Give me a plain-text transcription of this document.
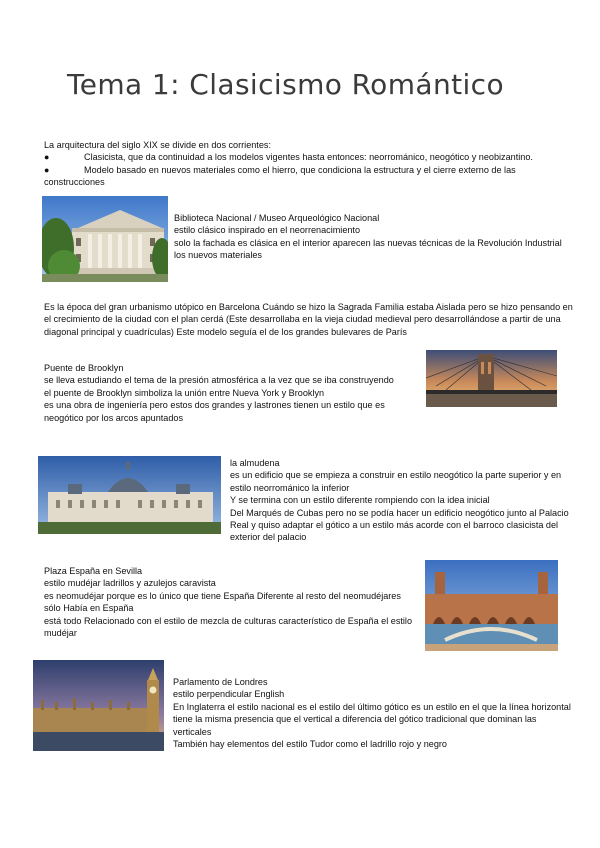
Tema 1: Clasicismo Romántico
La arquitectura del siglo XIX se divide en dos corrientes:
●	Clasicista, que da continuidad a los modelos vigentes hasta entonces: neorrománico, neogótico y neobizantino.
●	Modelo basado en nuevos materiales como el hierro, que condiciona la estructura y el cierre externo de las
construcciones
Biblioteca Nacional / Museo Arqueológico Nacional
estilo clásico inspirado en el neorrenacimiento
solo la fachada es clásica en el interior aparecen las nuevas técnicas de la Revolución Industrial
los nuevos materiales
Es la época del gran urbanismo utópico en Barcelona Cuándo se hizo la Sagrada Familia estaba Aislada pero se hizo pensando en el crecimiento de la ciudad con el plan cerdá (Este desarrollaba en la vieja ciudad medieval pero desarrollándose a partir de una diagonal principal y cuadrículas) Este modelo seguía el de los grandes bulevares de París
Puente de Brooklyn
se lleva estudiando el tema de la presión atmosférica a la vez que se iba construyendo
el puente de Brooklyn simboliza la unión entre Nueva York y Brooklyn
es una obra de ingeniería pero estos dos grandes y lastrones tienen un estilo que es
neogótico por los arcos apuntados
la almudena
es un edificio que se empieza a construir en estilo neogótico la parte superior y en
estilo neorrománico la inferior
Y se termina con un estilo diferente rompiendo con la idea inicial
Del Marqués de Cubas pero no se podía hacer un edificio neogótico junto al Palacio
Real y quiso adaptar el gótico a un estilo más acorde con el barroco clasicista del
exterior del palacio
Plaza España en Sevilla
estilo mudéjar ladrillos y azulejos caravista
es neomudéjar porque es lo único que tiene España Diferente al resto del neomudéjares
sólo Había en España
está todo Relacionado con el estilo de mezcla de culturas característico de España el estilo
mudéjar
Parlamento de Londres
estilo perpendicular English
En Inglaterra el estilo nacional es el estilo del último gótico es un estilo en el que la línea horizontal
tiene la misma presencia que el vertical a diferencia del gótico tradicional que dominan las
verticales
También hay elementos del estilo Tudor como el ladrillo rojo y negro
